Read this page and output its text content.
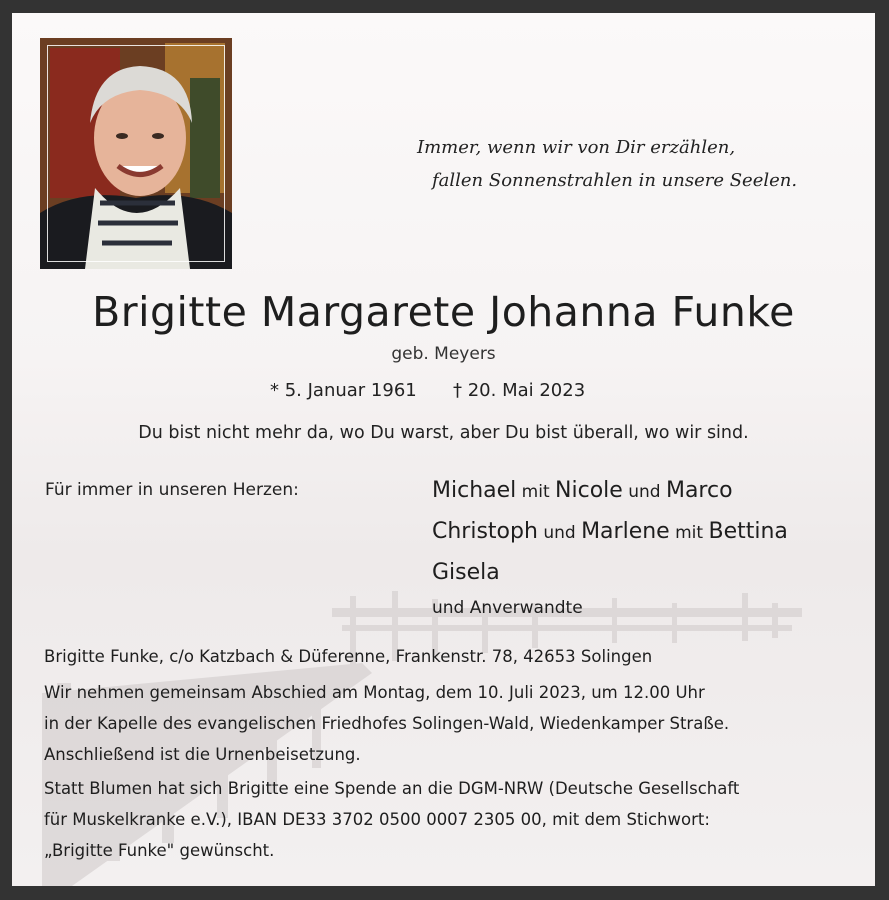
Immer, wenn wir von Dir erzählen,
fallen Sonnenstrahlen in unsere Seelen.
Brigitte Margarete Johanna Funke
geb. Meyers
* 5. Januar 1961 † 20. Mai 2023
Du bist nicht mehr da, wo Du warst, aber Du bist überall, wo wir sind.
Für immer in unseren Herzen:	Michael mit Nicole und Marco
Christoph und Marlene mit Bettina
Gisela
und Anverwandte
Brigitte Funke, c/o Katzbach & Düferenne, Frankenstr. 78, 42653 Solingen
Wir nehmen gemeinsam Abschied am Montag, dem 10. Juli 2023, um 12.00 Uhr
in der Kapelle des evangelischen Friedhofes Solingen-Wald, Wiedenkamper Straße.
Anschließend ist die Urnenbeisetzung.
Statt Blumen hat sich Brigitte eine Spende an die DGM-NRW (Deutsche Gesellschaft
für Muskelkranke e.V.), IBAN DE33 3702 0500 0007 2305 00, mit dem Stichwort:
„Brigitte Funke" gewünscht.
